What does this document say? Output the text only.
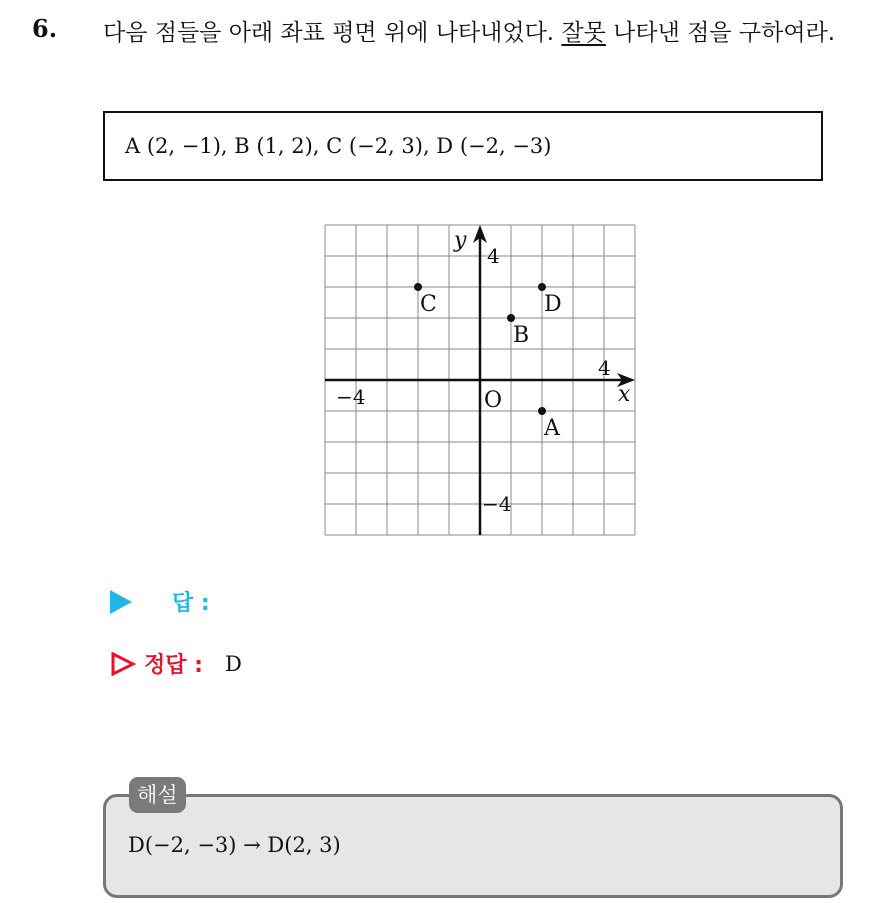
6. 다음 점들을 아래 좌표 평면 위에 나타내었다. 잘못 나타낸 점을 구하여라.
A (2, −1), B (1, 2), C (−2, 3), D (−2, −3)
x
y
O
−4
4
4
−4
A
B
C	D
답 :
정답 : D
D(−2, −3) → D(2, 3)
해설
